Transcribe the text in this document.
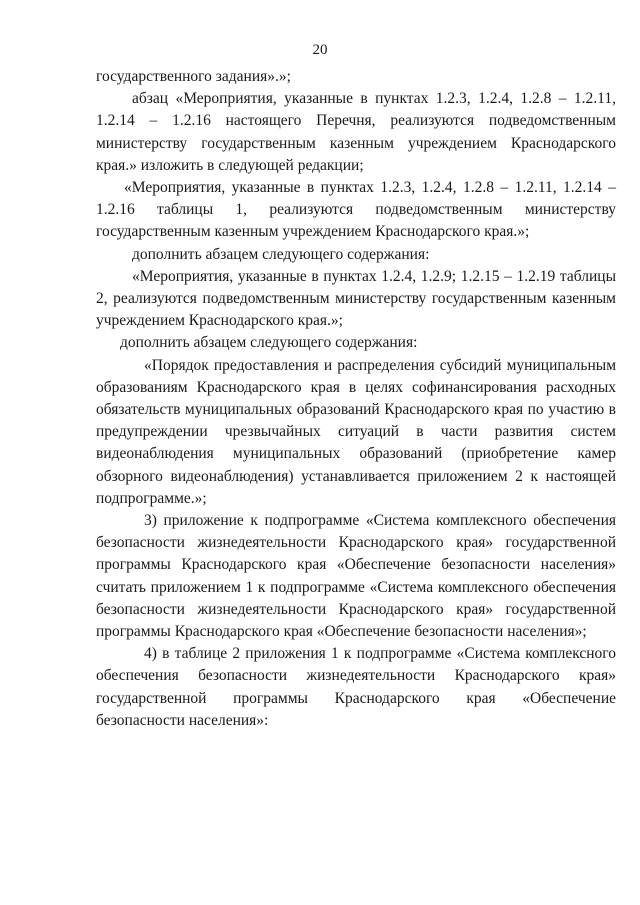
20

государственного задания».»;

абзац «Мероприятия, указанные в пунктах 1.2.3, 1.2.4, 1.2.8 – 1.2.11, 1.2.14 – 1.2.16 настоящего Перечня, реализуются подведомственным министерству государственным казенным учреждением Краснодарского края.» изложить в следующей редакции;

«Мероприятия, указанные в пунктах 1.2.3, 1.2.4, 1.2.8 – 1.2.11, 1.2.14 – 1.2.16 таблицы 1, реализуются подведомственным министерству государственным казенным учреждением Краснодарского края.»;

дополнить абзацем следующего содержания:

«Мероприятия, указанные в пунктах 1.2.4, 1.2.9; 1.2.15 – 1.2.19 таблицы 2, реализуются подведомственным министерству государственным казенным учреждением Краснодарского края.»;

дополнить абзацем следующего содержания:

«Порядок предоставления и распределения субсидий муниципальным образованиям Краснодарского края в целях софинансирования расходных обязательств муниципальных образований Краснодарского края по участию в предупреждении чрезвычайных ситуаций в части развития систем видеонаблюдения муниципальных образований (приобретение камер обзорного видеонаблюдения) устанавливается приложением 2 к настоящей подпрограмме.»;

3) приложение к подпрограмме «Система комплексного обеспечения безопасности жизнедеятельности Краснодарского края» государственной программы Краснодарского края «Обеспечение безопасности населения» считать приложением 1 к подпрограмме «Система комплексного обеспечения безопасности жизнедеятельности Краснодарского края» государственной программы Краснодарского края «Обеспечение безопасности населения»;

4) в таблице 2 приложения 1 к подпрограмме «Система комплексного обеспечения безопасности жизнедеятельности Краснодарского края» государственной программы Краснодарского края «Обеспечение безопасности населения»:
